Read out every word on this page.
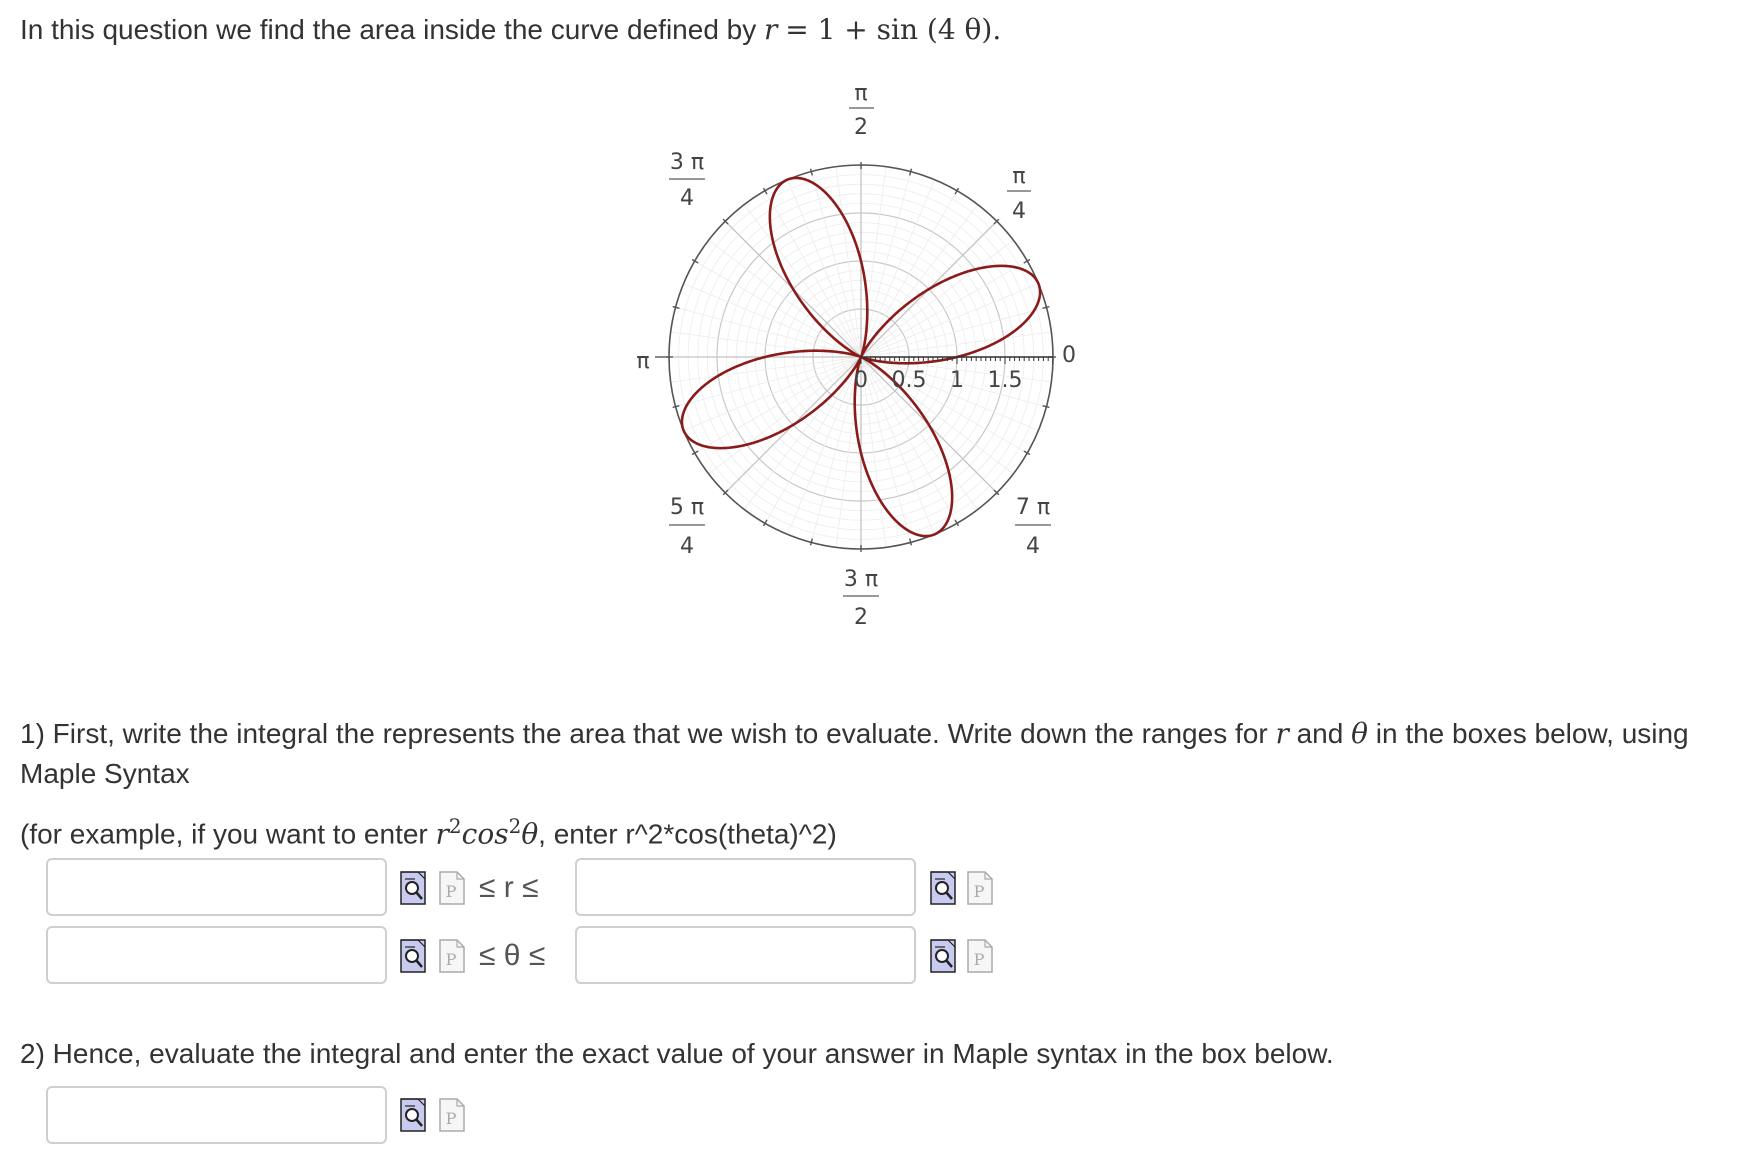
In this question we find the area inside the curve defined by r = 1 + sin (4 θ).

0 0.5 1 1.5
π
2
3 π
4
π
4
π	0
5 π
4
7 π
4
3 π
2

1) First, write the integral the represents the area that we wish to evaluate. Write down the ranges for r and θ in the boxes below, using

Maple Syntax

(for example, if you want to enter $r^2\cos^2\theta$, enter r^2*cos(theta)^2)

P ≤ r ≤	P
P ≤ θ ≤	P

2) Hence, evaluate the integral and enter the exact value of your answer in Maple syntax in the box below.

P
